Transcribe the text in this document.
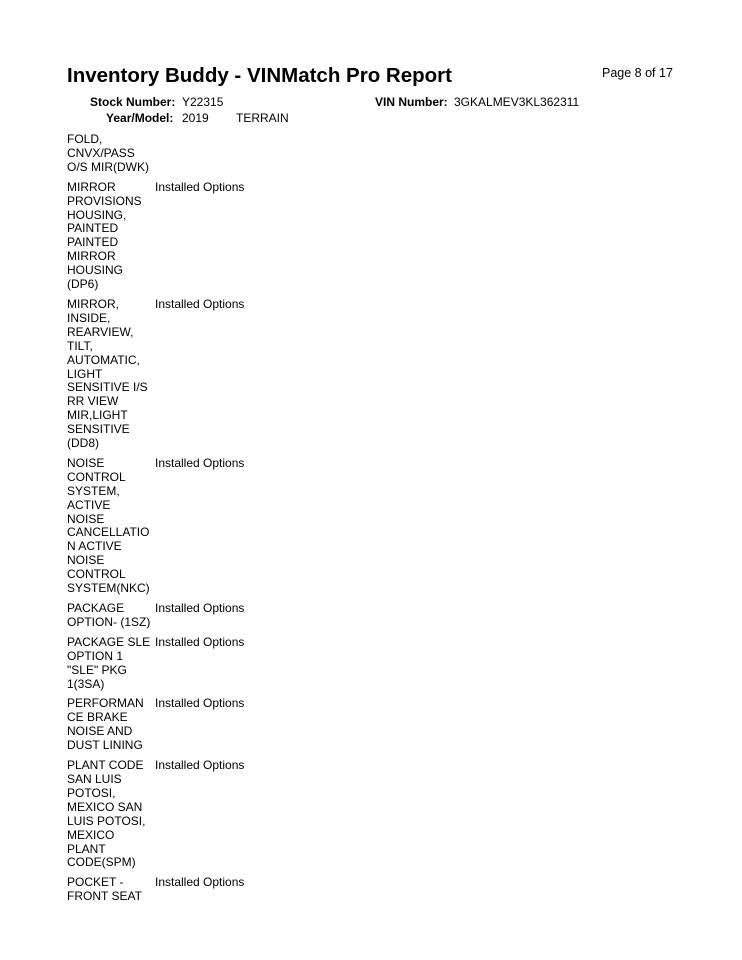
Page 8 of 17
Inventory Buddy - VINMatch Pro Report
Stock Number: Y22315	VIN Number: 3GKALMEV3KL362311
Year/Model: 2019 TERRAIN
FOLD,
CNVX/PASS
O/S MIR(DWK)
MIRROR
PROVISIONS
HOUSING,
PAINTED
PAINTED
MIRROR
HOUSING
(DP6)
Installed Options
MIRROR,
INSIDE,
REARVIEW,
TILT,
AUTOMATIC,
LIGHT
SENSITIVE I/S
RR VIEW
MIR,LIGHT
SENSITIVE
(DD8)
Installed Options
NOISE
CONTROL
SYSTEM,
ACTIVE
NOISE
CANCELLATIO
N ACTIVE
NOISE
CONTROL
SYSTEM(NKC)
Installed Options
PACKAGE
OPTION- (1SZ)
Installed Options
PACKAGE SLE
OPTION 1
"SLE" PKG
1(3SA)
Installed Options
PERFORMAN
CE BRAKE
NOISE AND
DUST LINING
Installed Options
PLANT CODE
SAN LUIS
POTOSI,
MEXICO SAN
LUIS POTOSI,
MEXICO
PLANT
CODE(SPM)
Installed Options
POCKET -
FRONT SEAT
Installed Options
